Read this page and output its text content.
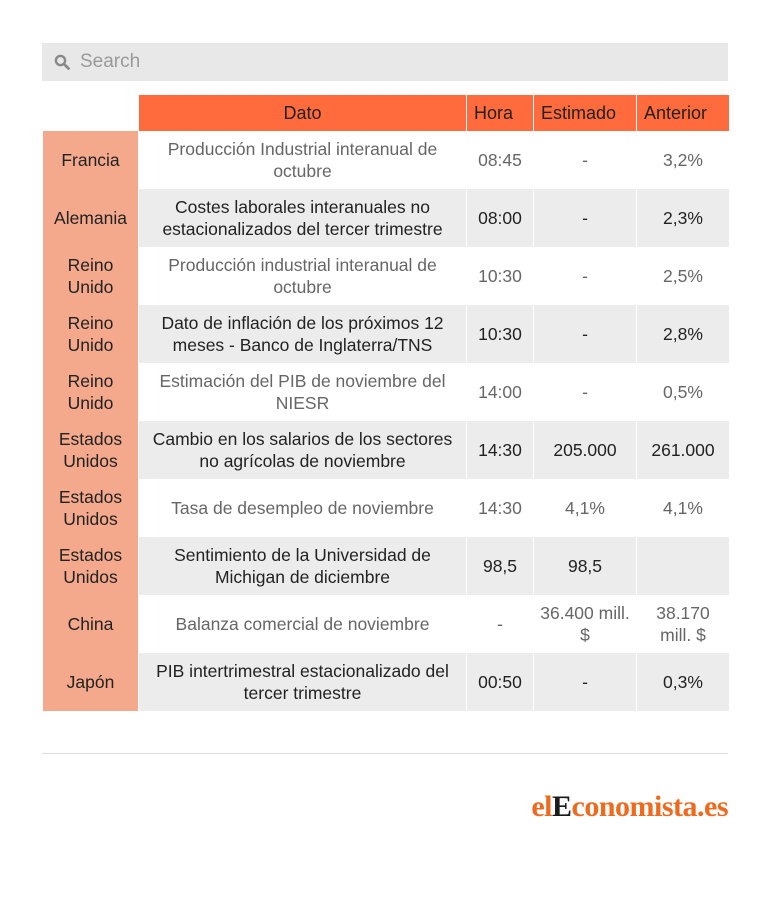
Search
	Dato	Hora	Estimado	Anterior
Francia	Producción Industrial interanual de octubre	08:45	-	3,2%
Alemania	Costes laborales interanuales no estacionalizados del tercer trimestre	08:00	-	2,3%
Reino Unido	Producción industrial interanual de octubre	10:30	-	2,5%
Reino Unido	Dato de inflación de los próximos 12 meses - Banco de Inglaterra/TNS	10:30	-	2,8%
Reino Unido	Estimación del PIB de noviembre del NIESR	14:00	-	0,5%
Estados Unidos	Cambio en los salarios de los sectores no agrícolas de noviembre	14:30	205.000	261.000
Estados Unidos	Tasa de desempleo de noviembre	14:30	4,1%	4,1%
Estados Unidos	Sentimiento de la Universidad de Michigan de diciembre	98,5	98,5	
China	Balanza comercial de noviembre	-	36.400 mill. $	38.170 mill. $
Japón	PIB intertrimestral estacionalizado del tercer trimestre	00:50	-	0,3%
elEconomista.es
